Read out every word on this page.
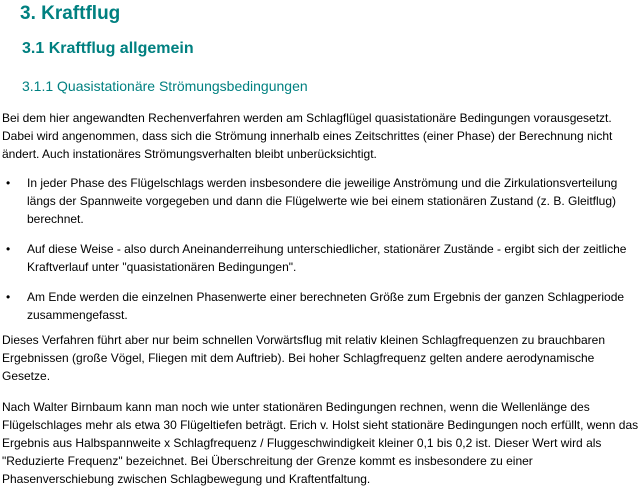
3. Kraftflug
3.1 Kraftflug allgemein
3.1.1 Quasistationäre Strömungsbedingungen

Bei dem hier angewandten Rechenverfahren werden am Schlagflügel quasistationäre Bedingungen vorausgesetzt. Dabei wird angenommen, dass sich die Strömung innerhalb eines Zeitschrittes (einer Phase) der Berechnung nicht ändert. Auch instationäres Strömungsverhalten bleibt unberücksichtigt.

• In jeder Phase des Flügelschlags werden insbesondere die jeweilige Anströmung und die Zirkulationsverteilung längs der Spannweite vorgegeben und dann die Flügelwerte wie bei einem stationären Zustand (z. B. Gleitflug) berechnet.
• Auf diese Weise - also durch Aneinanderreihung unterschiedlicher, stationärer Zustände - ergibt sich der zeitliche Kraftverlauf unter "quasistationären Bedingungen".
• Am Ende werden die einzelnen Phasenwerte einer berechneten Größe zum Ergebnis der ganzen Schlagperiode zusammengefasst.

Dieses Verfahren führt aber nur beim schnellen Vorwärtsflug mit relativ kleinen Schlagfrequenzen zu brauchbaren Ergebnissen (große Vögel, Fliegen mit dem Auftrieb). Bei hoher Schlagfrequenz gelten andere aerodynamische Gesetze.

Nach Walter Birnbaum kann man noch wie unter stationären Bedingungen rechnen, wenn die Wellenlänge des Flügelschlages mehr als etwa 30 Flügeltiefen beträgt. Erich v. Holst sieht stationäre Bedingungen noch erfüllt, wenn das Ergebnis aus Halbspannweite x Schlagfrequenz / Fluggeschwindigkeit kleiner 0,1 bis 0,2 ist. Dieser Wert wird als "Reduzierte Frequenz" bezeichnet. Bei Überschreitung der Grenze kommt es insbesondere zu einer Phasenverschiebung zwischen Schlagbewegung und Kraftentfaltung.
